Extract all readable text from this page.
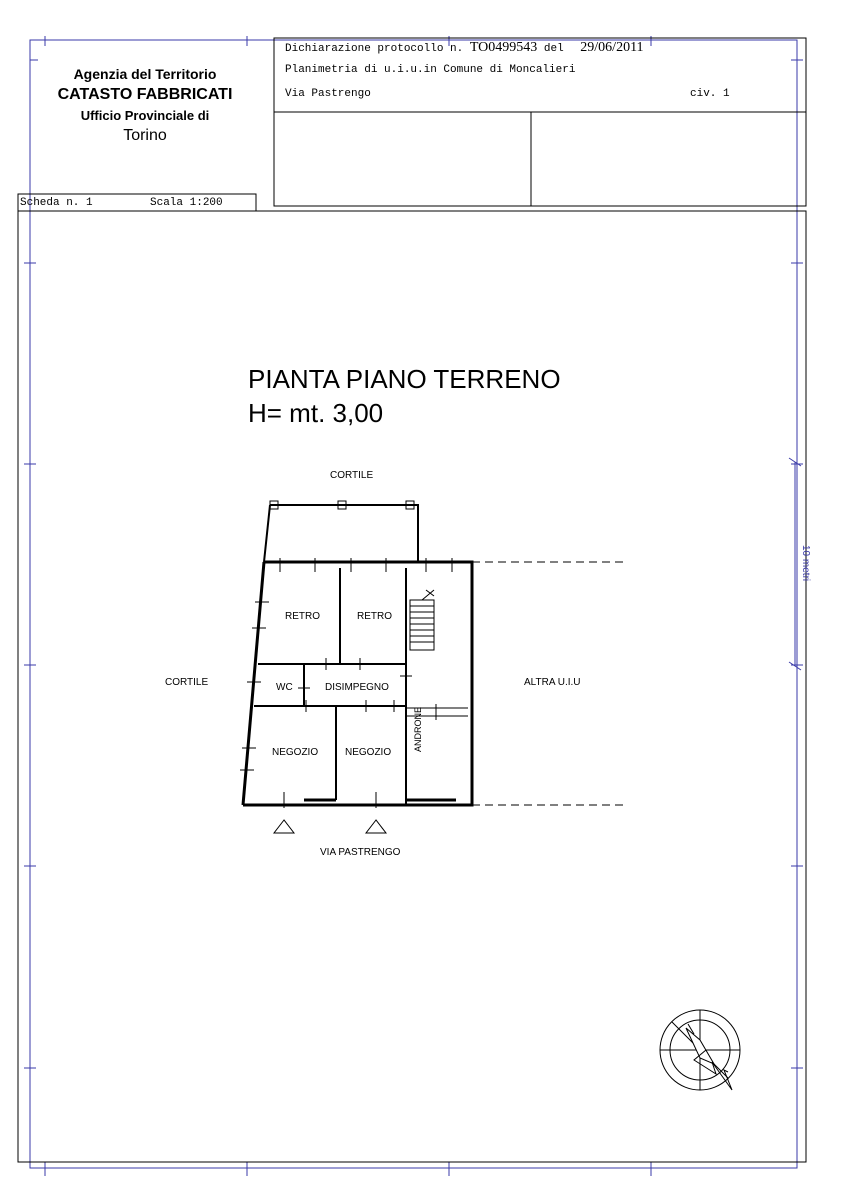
10 metri
Agenzia del Territorio
CATASTO FABBRICATI
Ufficio Provinciale di
Torino
Dichiarazione protocollo n. TO0499543 del 29/06/2011
Planimetria di u.i.u.in Comune di Moncalieri
Via Pastrengo	civ. 1
Scheda n. 1	Scala 1:200
PIANTA PIANO TERRENO
H= mt. 3,00
CORTILE
CORTILE	ALTRA U.I.U
VIA PASTRENGO
RETRO	RETRO
WC	DISIMPEGNO
NEGOZIO	NEGOZIO
ANDRONE
